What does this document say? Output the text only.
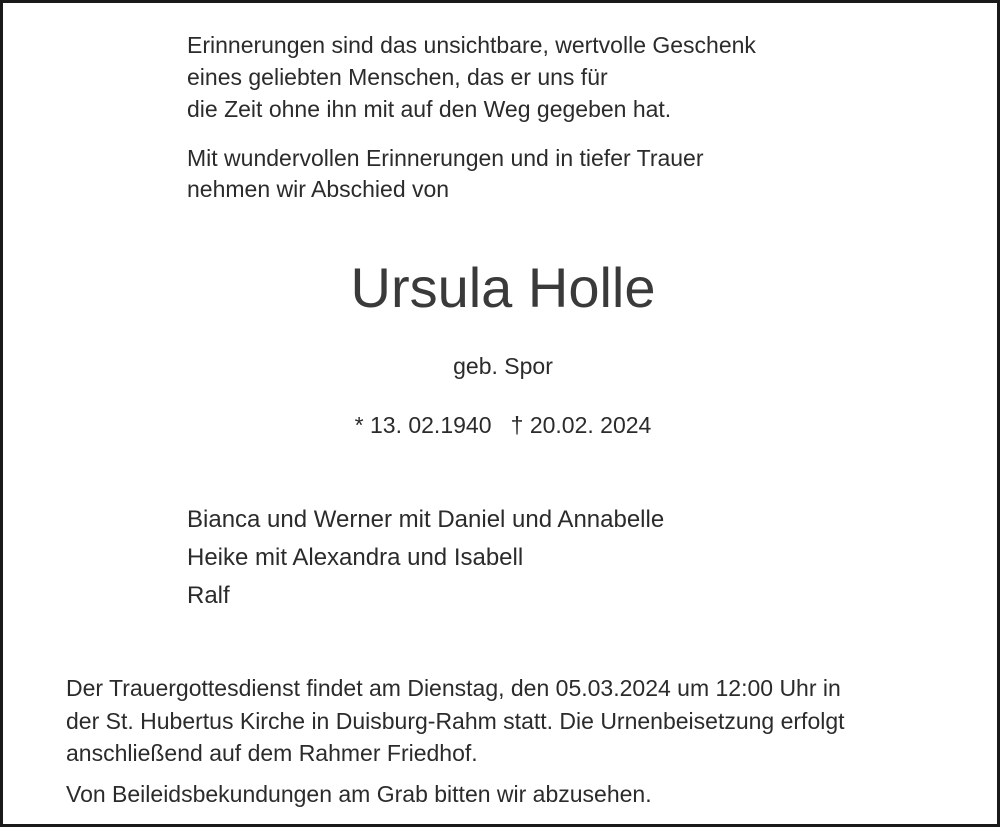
Erinnerungen sind das unsichtbare, wertvolle Geschenk

eines geliebten Menschen, das er uns für

die Zeit ohne ihn mit auf den Weg gegeben hat.

Mit wundervollen Erinnerungen und in tiefer Trauer

nehmen wir Abschied von

Ursula Holle

geb. Spor

* 13. 02.1940   † 20.02. 2024

Bianca und Werner mit Daniel und Annabelle

Heike mit Alexandra und Isabell

Ralf

Der Trauergottesdienst findet am Dienstag, den 05.03.2024 um 12:00 Uhr in

der St. Hubertus Kirche in Duisburg-Rahm statt. Die Urnenbeisetzung erfolgt

anschließend auf dem Rahmer Friedhof.

Von Beileidsbekundungen am Grab bitten wir abzusehen.
